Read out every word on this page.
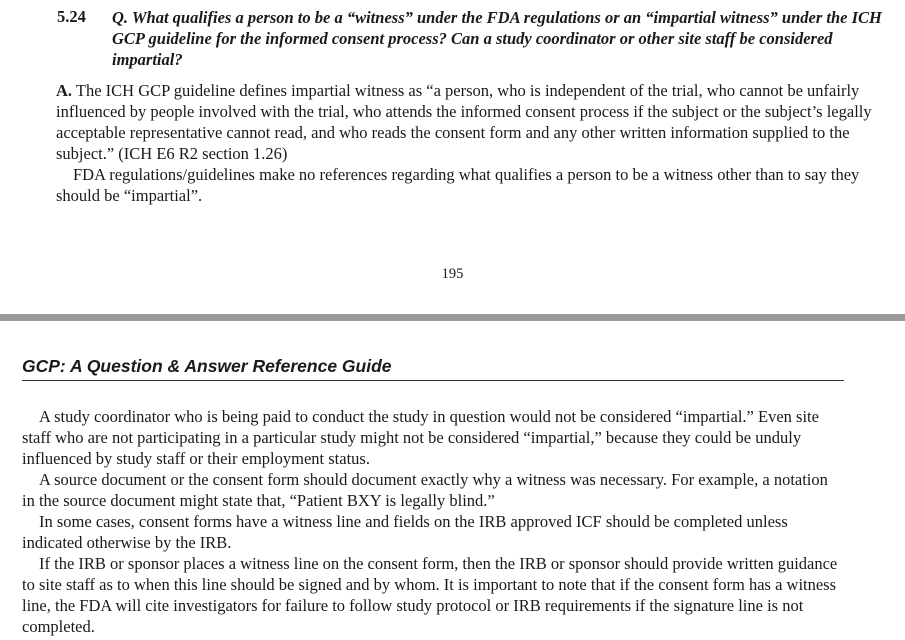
5.24 Q. What qualifies a person to be a “witness” under the FDA regulations or an “impartial witness” under the ICH GCP guideline for the informed consent process? Can a study coordinator or other site staff be considered impartial?

A. The ICH GCP guideline defines impartial witness as “a person, who is independent of the trial, who cannot be unfairly influenced by people involved with the trial, who attends the informed consent process if the subject or the subject’s legally acceptable representative cannot read, and who reads the consent form and any other written information supplied to the subject.” (ICH E6 R2 section 1.26)

FDA regulations/guidelines make no references regarding what qualifies a person to be a witness other than to say they should be “impartial”.

195
GCP: A Question & Answer Reference Guide

A study coordinator who is being paid to conduct the study in question would not be considered “impartial.” Even site staff who are not participating in a particular study might not be considered “impartial,” because they could be unduly influenced by study staff or their employment status.

A source document or the consent form should document exactly why a witness was necessary. For example, a notation in the source document might state that, “Patient BXY is legally blind.”

In some cases, consent forms have a witness line and fields on the IRB approved ICF should be completed unless indicated otherwise by the IRB.

If the IRB or sponsor places a witness line on the consent form, then the IRB or sponsor should provide written guidance to site staff as to when this line should be signed and by whom. It is important to note that if the consent form has a witness line, the FDA will cite investigators for failure to follow study protocol or IRB requirements if the signature line is not completed.
